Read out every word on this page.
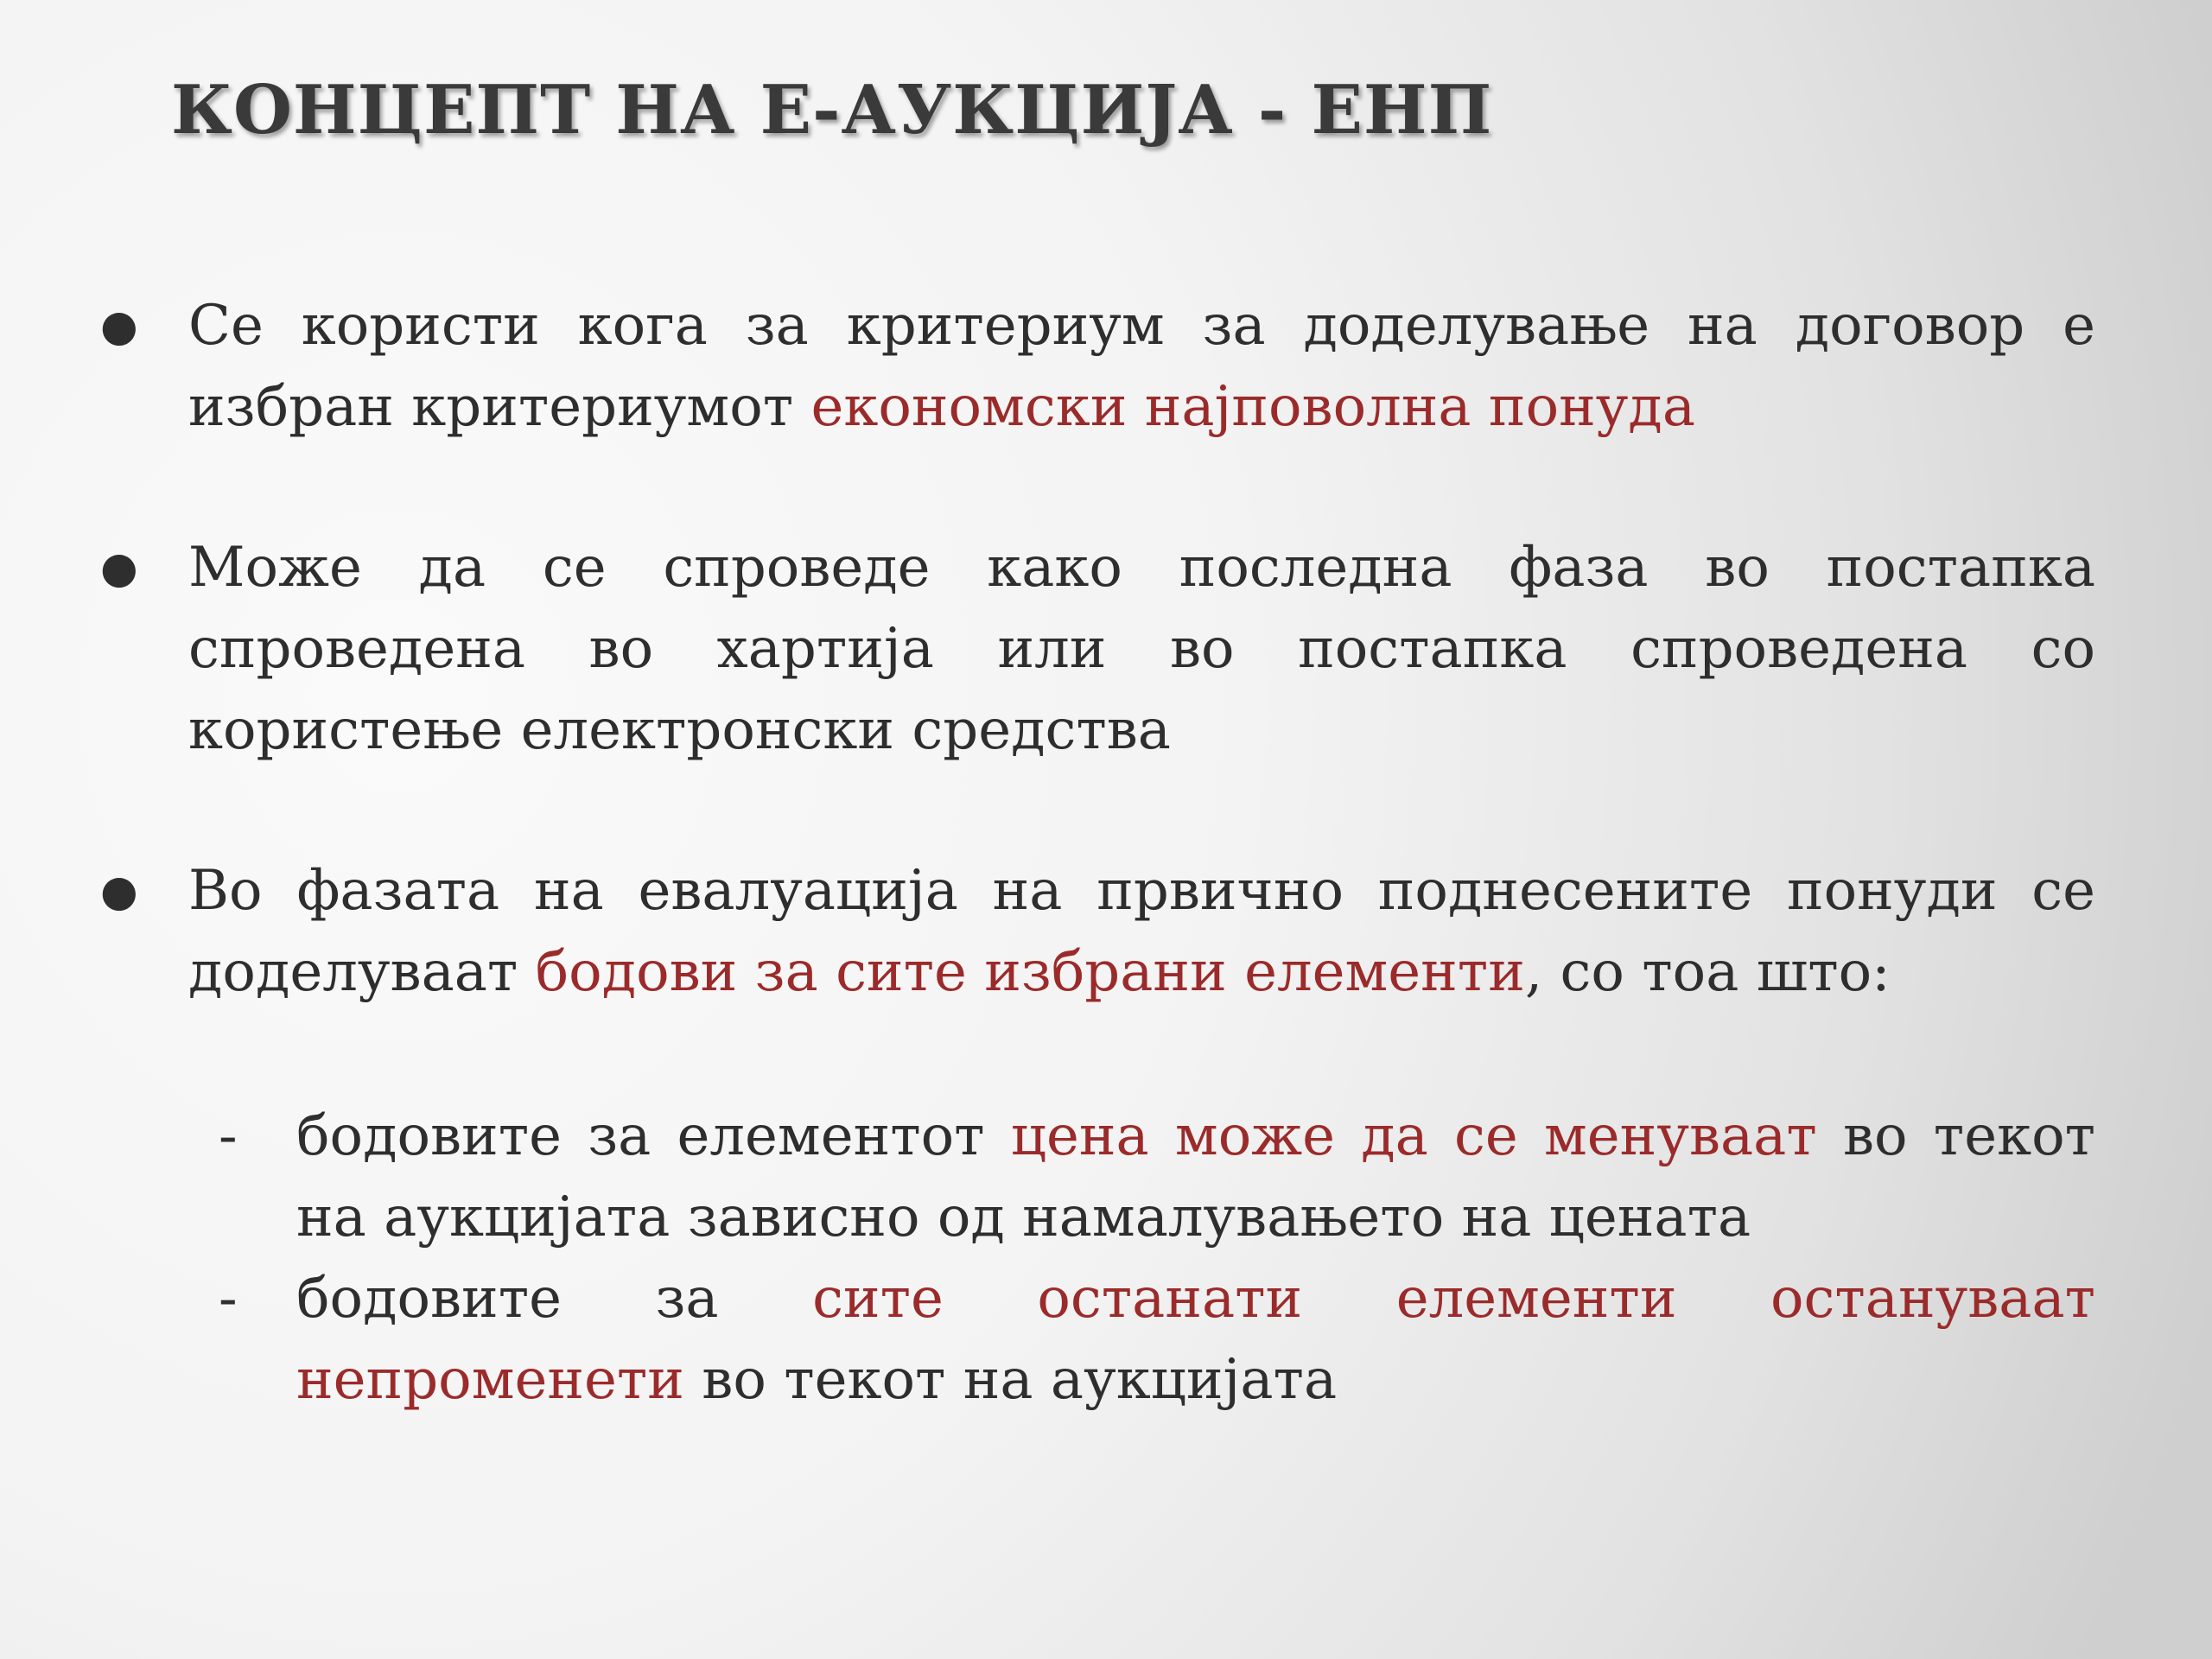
КОНЦЕПТ НА Е-АУКЦИЈА - ЕНП
● Се користи кога за критериум за доделување на договор е избран критериумот економски најповолна понуда
● Може да се спроведе како последна фаза во постапка спроведена во хартија или во постапка спроведена со користење електронски средства
● Во фазата на евалуација на првично поднесените понуди се доделуваат бодови за сите избрани елементи, со тоа што:
- бодовите за елементот цена може да се менуваат во текот на аукцијата зависно од намалувањето на цената
- бодовите за сите останати елементи остануваат непроменети во текот на аукцијата
